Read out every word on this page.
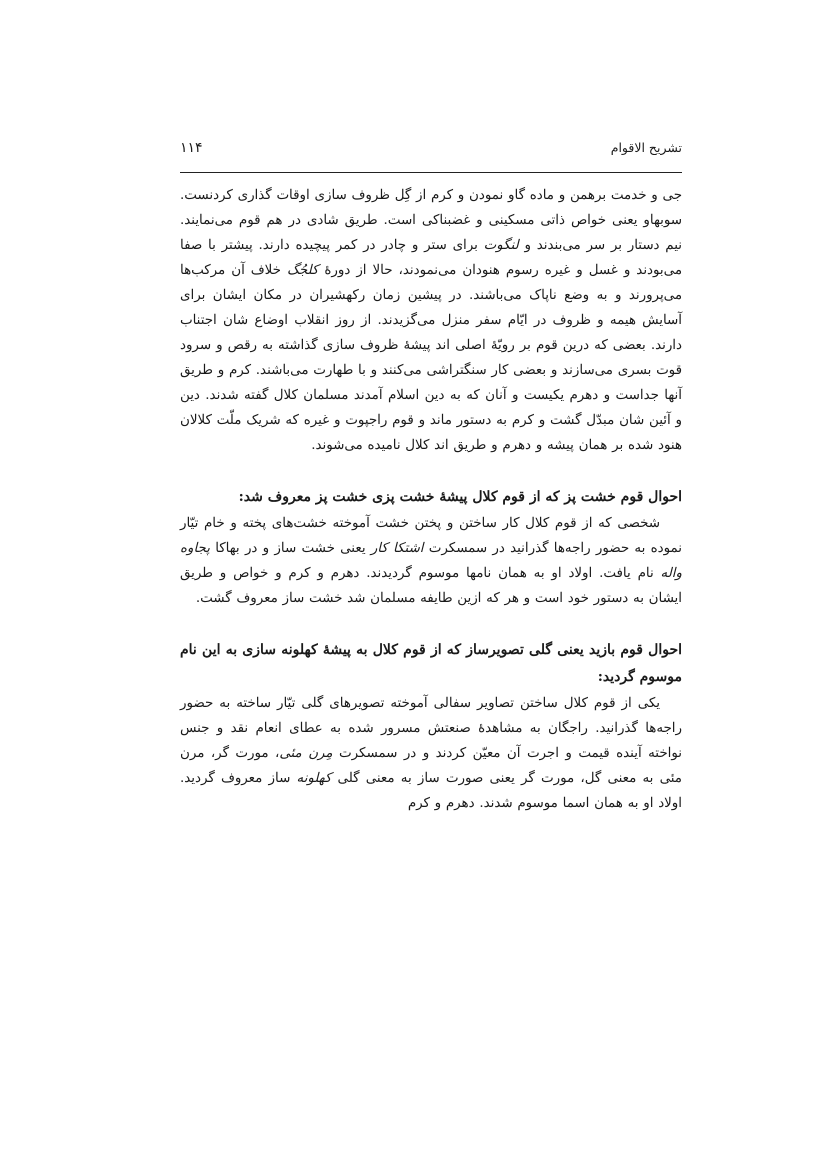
تشریح الاقوام
۱۱۴

جی و خدمت برهمن و ماده گاو نمودن و کرم از گِل ظروف سازی اوقات گذاری کردنست. سوبهاو یعنی خواص ذاتی مسکینی و غضبناکی است. طریق شادی در هم قوم می‌نمایند. نیم دستار بر سر می‌بندند و لنگوت برای ستر و چادر در کمر پیچیده دارند. پیشتر با صفا می‌بودند و غسل و غیره رسوم هنودان می‌نمودند، حالا از دورهٔ کلجُگ خلاف آن مرکب‌ها می‌پرورند و به وضع ناپاک می‌باشند. در پیشین زمان رکهشیران در مکان ایشان برای آسایش هیمه و ظروف در ایّام سفر منزل می‌گزیدند. از روز انقلاب اوضاع شان اجتناب دارند. بعضی که درین قوم بر رویّهٔ اصلی اند پیشهٔ ظروف سازی گذاشته به رقص و سرود قوت بسری می‌سازند و بعضی کار سنگتراشی می‌کنند و با طهارت می‌باشند. کرم و طریق آنها جداست و دهرم یکیست و آنان که به دین اسلام آمدند مسلمان کلال گفته شدند. دین و آئین شان مبدّل گشت و کرم به دستور ماند و قوم راجپوت و غیره که شریک ملّت کلالان هنود شده بر همان پیشه و دهرم و طریق اند کلال نامیده می‌شوند.

احوال قوم خشت پز که از قوم کلال پیشهٔ خشت پزی خشت پز معروف شد:

شخصی که از قوم کلال کار ساختن و پختن خشت آموخته خشت‌های پخته و خام تیّار نموده به حضور راجه‌ها گذرانید در سمسکرت اشتکا کار یعنی خشت ساز و در بهاکا پجاوه واله نام یافت. اولاد او به همان نامها موسوم گردیدند. دهرم و کرم و خواص و طریق ایشان به دستور خود است و هر که ازین طایفه مسلمان شد خشت ساز معروف گشت.

احوال قوم بازید یعنی گلی تصویرساز که از قوم کلال به پیشهٔ کهلونه سازی به این نام موسوم گردید:

یکی از قوم کلال ساختن تصاویر سفالی آموخته تصویرهای گلی تیّار ساخته به حضور راجه‌ها گذرانید. راجگان به مشاهدهٔ صنعتش مسرور شده به عطای انعام نقد و جنس نواخته آینده قیمت و اجرت آن معیّن کردند و در سمسکرت مِرن مئی، مورت گر، مرن مئی به معنی گل، مورت گر یعنی صورت ساز به معنی گلی کهلونه ساز معروف گردید. اولاد او به همان اسما موسوم شدند. دهرم و کرم
